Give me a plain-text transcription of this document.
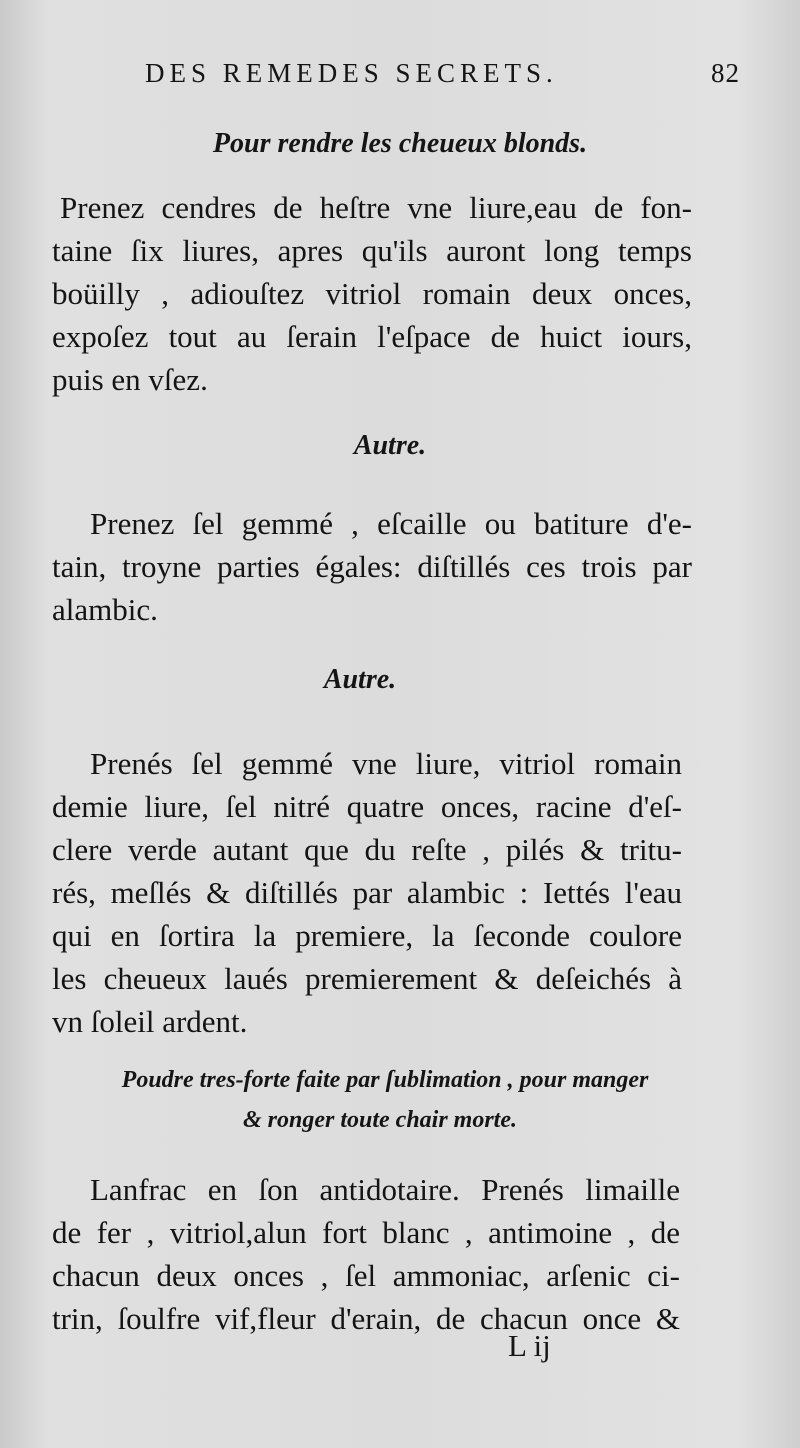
DES REMEDES SECRETS.	82
Pour rendre les cheueux blonds.
Prenez cendres de heſtre vne liure,eau de fon-
taine ſix liures, apres qu'ils auront long temps
boüilly , adiouſtez vitriol romain deux onces,
expoſez tout au ſerain l'eſpace de huict iours,
puis en vſez.
Autre.
Prenez ſel gemmé , eſcaille ou batiture d'e-
tain, troyne parties égales: diſtillés ces trois par
alambic.
Autre.
Prenés ſel gemmé vne liure, vitriol romain
demie liure, ſel nitré quatre onces, racine d'eſ-
clere verde autant que du reſte , pilés & tritu-
rés, meſlés & diſtillés par alambic : Iettés l'eau
qui en ſortira la premiere, la ſeconde coulore
les cheueux laués premierement & deſeichés à
vn ſoleil ardent.
Poudre tres-forte faite par ſublimation , pour manger
& ronger toute chair morte.
Lanfrac en ſon antidotaire. Prenés limaille
de fer , vitriol,alun fort blanc , antimoine , de
chacun deux onces , ſel ammoniac, arſenic ci-
trin, ſoulfre vif,fleur d'erain, de chacun once &
L ij
